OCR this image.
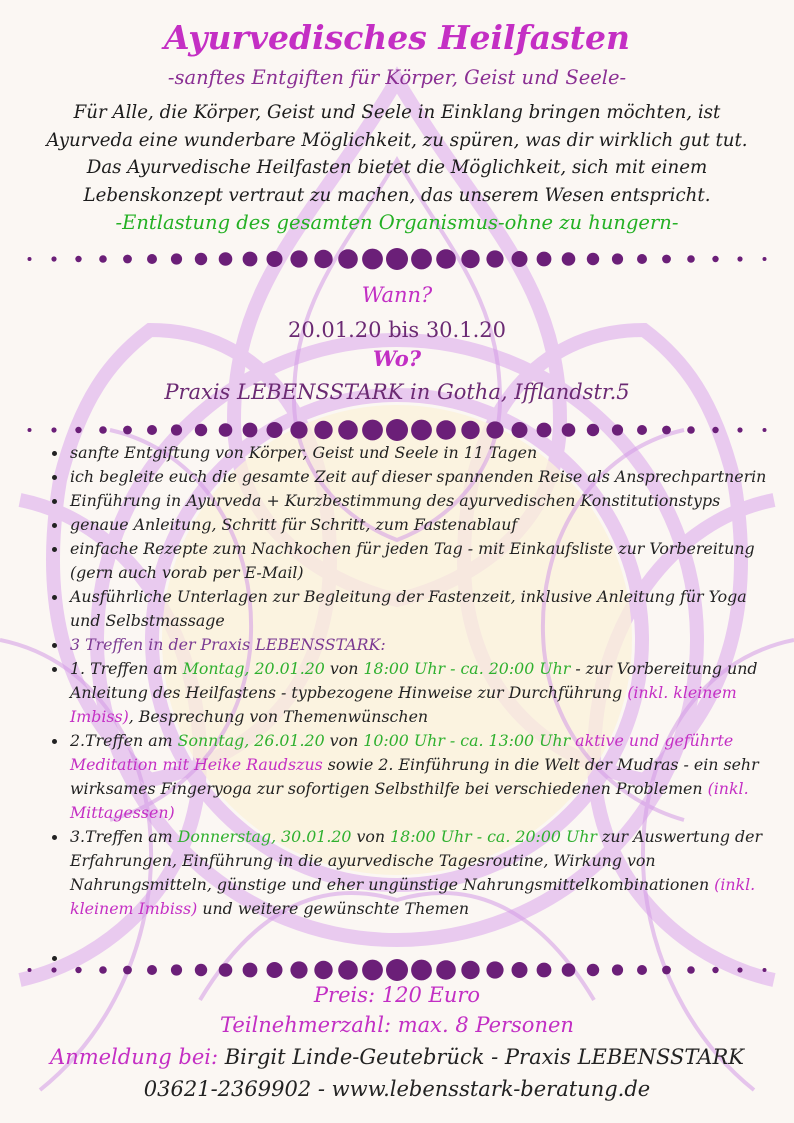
Ayurvedisches Heilfasten
-sanftes Entgiften für Körper, Geist und Seele-
Für Alle, die Körper, Geist und Seele in Einklang bringen möchten, ist
Ayurveda eine wunderbare Möglichkeit, zu spüren, was dir wirklich gut tut.
Das Ayurvedische Heilfasten bietet die Möglichkeit, sich mit einem
Lebenskonzept vertraut zu machen, das unserem Wesen entspricht.
-Entlastung des gesamten Organismus-ohne zu hungern-
Wann?
20.01.20 bis 30.1.20
Wo?
Praxis LEBENSSTARK in Gotha, Ifflandstr.5
sanfte Entgiftung von Körper, Geist und Seele in 11 Tagen
ich begleite euch die gesamte Zeit auf dieser spannenden Reise als Ansprechpartnerin
Einführung in Ayurveda + Kurzbestimmung des ayurvedischen Konstitutionstyps
genaue Anleitung, Schritt für Schritt, zum Fastenablauf
einfache Rezepte zum Nachkochen für jeden Tag - mit Einkaufsliste zur Vorbereitung (gern auch vorab per E-Mail)
Ausführliche Unterlagen zur Begleitung der Fastenzeit, inklusive Anleitung für Yoga und Selbstmassage
3 Treffen in der Praxis LEBENSSTARK:
1. Treffen am Montag, 20.01.20 von 18:00 Uhr - ca. 20:00 Uhr - zur Vorbereitung und Anleitung des Heilfastens - typbezogene Hinweise zur Durchführung (inkl. kleinem Imbiss), Besprechung von Themenwünschen
2.Treffen am Sonntag, 26.01.20 von 10:00 Uhr - ca. 13:00 Uhr aktive und geführte Meditation mit Heike Raudszus sowie 2. Einführung in die Welt der Mudras - ein sehr wirksames Fingeryoga zur sofortigen Selbsthilfe bei verschiedenen Problemen (inkl. Mittagessen)
3.Treffen am Donnerstag, 30.01.20 von 18:00 Uhr - ca. 20:00 Uhr zur Auswertung der Erfahrungen, Einführung in die ayurvedische Tagesroutine, Wirkung von Nahrungsmitteln, günstige und eher ungünstige Nahrungsmittelkombinationen (inkl. kleinem Imbiss) und weitere gewünschte Themen
Preis: 120 Euro
Teilnehmerzahl: max. 8 Personen
Anmeldung bei: Birgit Linde-Geutebrück - Praxis LEBENSSTARK
03621-2369902 - www.lebensstark-beratung.de
